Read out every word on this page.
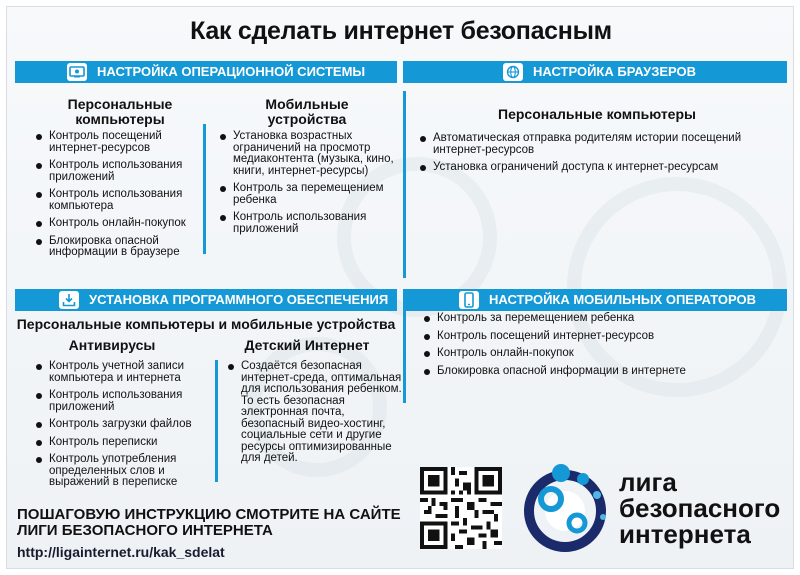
Как сделать интернет безопасным
НАСТРОЙКА ОПЕРАЦИОННОЙ СИСТЕМЫ
Персональные компьютеры
Контроль посещений интернет-ресурсов
Контроль использования приложений
Контроль использования компьютера
Контроль онлайн-покупок
Блокировка опасной информации в браузере
Мобильные устройства
Установка возрастных ограничений на просмотр медиаконтента (музыка, кино, книги, интернет-ресурсы)
Контроль за перемещением ребенка
Контроль использования приложений
НАСТРОЙКА БРАУЗЕРОВ
Персональные компьютеры
Автоматическая отправка родителям истории посещений интернет-ресурсов
Установка ограничений доступа к интернет-ресурсам
УСТАНОВКА ПРОГРАММНОГО ОБЕСПЕЧЕНИЯ
Персональные компьютеры и мобильные устройства
Антивирусы
Контроль учетной записи компьютера и интернета
Контроль использования приложений
Контроль загрузки файлов
Контроль переписки
Контроль употребления определенных слов и выражений в переписке
Детский Интернет
Создаётся безопасная интернет-среда, оптимальная для использования ребенком. То есть безопасная электронная почта, безопасный видео-хостинг, социальные сети и другие ресурсы оптимизированные для детей.
НАСТРОЙКА МОБИЛЬНЫХ ОПЕРАТОРОВ
Контроль за перемещением ребенка
Контроль посещений интернет-ресурсов
Контроль онлайн-покупок
Блокировка опасной информации в интернете
ПОШАГОВУЮ ИНСТРУКЦИЮ СМОТРИТЕ НА САЙТЕ
ЛИГИ БЕЗОПАСНОГО ИНТЕРНЕТА
http://ligainternet.ru/kak_sdelat
лига
безопасного
интернета
